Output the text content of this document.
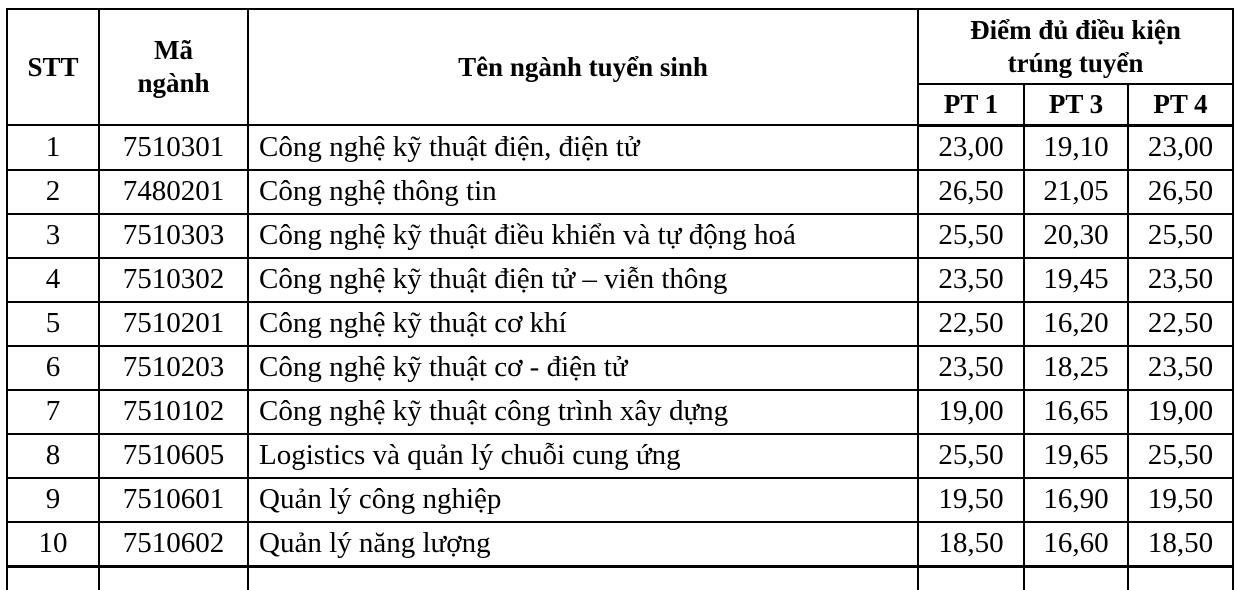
STT	Mã ngành	Tên ngành tuyển sinh	Điểm đủ điều kiện trúng tuyển		
			PT 1	PT 3	PT 4
1	7510301	Công nghệ kỹ thuật điện, điện tử	23,00	19,10	23,00
2	7480201	Công nghệ thông tin	26,50	21,05	26,50
3	7510303	Công nghệ kỹ thuật điều khiển và tự động hoá	25,50	20,30	25,50
4	7510302	Công nghệ kỹ thuật điện tử – viễn thông	23,50	19,45	23,50
5	7510201	Công nghệ kỹ thuật cơ khí	22,50	16,20	22,50
6	7510203	Công nghệ kỹ thuật cơ - điện tử	23,50	18,25	23,50
7	7510102	Công nghệ kỹ thuật công trình xây dựng	19,00	16,65	19,00
8	7510605	Logistics và quản lý chuỗi cung ứng	25,50	19,65	25,50
9	7510601	Quản lý công nghiệp	19,50	16,90	19,50
10	7510602	Quản lý năng lượng	18,50	16,60	18,50
